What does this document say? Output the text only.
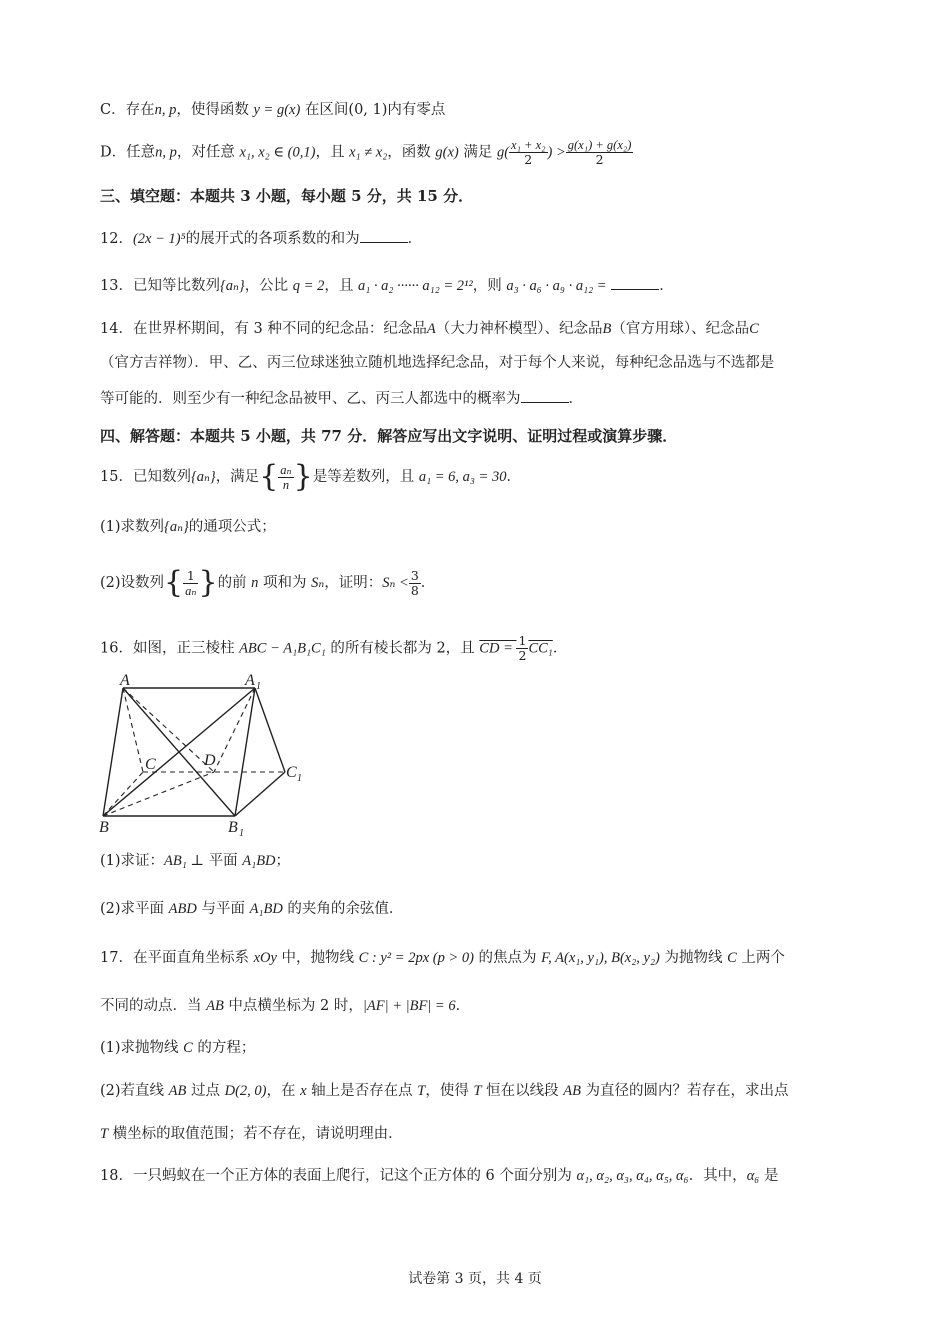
C．存在n, p，使得函数 y = g(x) 在区间(0, 1)内有零点
D．任意n, p，对任意 x₁, x₂ ∈ (0,1)，且 x₁ ≠ x₂，函数 g(x) 满足 $g( \frac{\text{x₁ + x₂}}{2}$ ) > $\frac{\text{g(x₁) + g(x₂)}}{2}$
三、填空题：本题共 3 小题，每小题 5 分，共 15 分．
12．(2x − 1)⁵的展开式的各项系数的和为	．
13．已知等比数列{aₙ}，公比 q = 2，且 a₁ · a₂ ······ a₁₂ = 2¹²，则 a₃ · a₆ · a₉ · a₁₂ =	．
14．在世界杯期间，有 3 种不同的纪念品：纪念品A（大力神杯模型）、纪念品B（官方用球）、纪念品C
（官方吉祥物）．甲、乙、丙三位球迷独立随机地选择纪念品，对于每个人来说，每种纪念品选与不选都是
等可能的．则至少有一种纪念品被甲、乙、丙三人都选中的概率为	．
四、解答题：本题共 5 小题，共 77 分．解答应写出文字说明、证明过程或演算步骤．
15．已知数列{aₙ}，满足{ $\frac{\text{aₙ}}{n}$ }是等差数列，且 a₁ = 6, a₃ = 30．
(1)求数列{aₙ}的通项公式；
(2)设数列{ $\frac{1}{\text{aₙ}}$ }的前 n 项和为 Sₙ，证明：$S_n < \frac{3}{8}$ ．
16．如图，正三棱柱 ABC − A₁B₁C₁ 的所有棱长都为 2，且 CD = $\frac{1}{2} CC_1$．
A	A 1
C	D
C 1
B	B 1
(1)求证：AB₁ ⊥ 平面 A₁BD；
(2)求平面 ABD 与平面 A₁BD 的夹角的余弦值．
17．在平面直角坐标系 xOy 中，抛物线 C : y² = 2px (p > 0) 的焦点为 F, A(x₁, y₁), B(x₂, y₂) 为抛物线 C 上两个
不同的动点．当 AB 中点横坐标为 2 时，|AF| + |BF| = 6．
(1)求抛物线 C 的方程；
(2)若直线 AB 过点 D(2, 0)，在 x 轴上是否存在点 T，使得 T 恒在以线段 AB 为直径的圆内？若存在，求出点
T 横坐标的取值范围；若不存在，请说明理由．
18．一只蚂蚁在一个正方体的表面上爬行，记这个正方体的 6 个面分别为 α₁, α₂, α₃, α₄, α₅, α₆．其中，α₆ 是
试卷第 3 页，共 4 页
